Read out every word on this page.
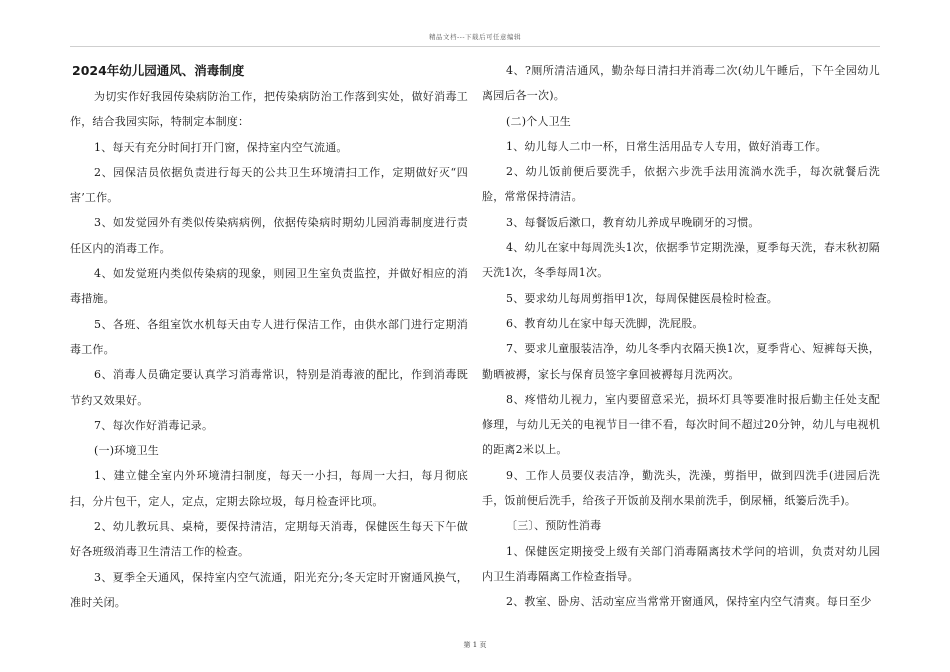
精品文档---下载后可任意编辑
2024年幼儿园通风、消毒制度

为切实作好我园传染病防治工作，把传染病防治工作落到实处，做好消毒工作，结合我园实际，特制定本制度：

1、每天有充分时间打开门窗，保持室内空气流通。

2、园保洁员依据负责进行每天的公共卫生环境清扫工作，定期做好灭“四害’工作。

3、如发觉园外有类似传染病病例，依据传染病时期幼儿园消毒制度进行责任区内的消毒工作。

4、如发觉班内类似传染病的现象，则园卫生室负责监控，并做好相应的消毒措施。

5、各班、各组室饮水机每天由专人进行保洁工作，由供水部门进行定期消毒工作。

6、消毒人员确定要认真学习消毒常识，特别是消毒液的配比，作到消毒既节约又效果好。

7、每次作好消毒记录。

(一)环境卫生

1、建立健全室内外环境清扫制度，每天一小扫，每周一大扫，每月彻底扫，分片包干，定人，定点，定期去除垃圾，每月检查评比项。

2、幼儿教玩具、桌椅，要保持清洁，定期每天消毒，保健医生每天下午做好各班级消毒卫生清洁工作的检查。

3、夏季全天通风，保持室内空气流通，阳光充分;冬天定时开窗通风换气，准时关闭。

4、?厕所清洁通风，勤杂每日清扫并消毒二次(幼儿午睡后，下午全园幼儿离园后各一次)。

(二)个人卫生

1、幼儿每人二巾一杯，日常生活用品专人专用，做好消毒工作。

2、幼儿饭前便后要洗手，依据六步洗手法用流淌水洗手，每次就餐后洗脸，常常保持清洁。

3、每餐饭后漱口，教育幼儿养成早晚刷牙的习惯。

4、幼儿在家中每周洗头1次，依据季节定期洗澡，夏季每天洗，春末秋初隔天洗1次，冬季每周1次。

5、要求幼儿每周剪指甲1次，每周保健医晨检时检查。

6、教育幼儿在家中每天洗脚，洗屁股。

7、要求儿童服装洁净，幼儿冬季内衣隔天换1次，夏季背心、短裤每天换，勤晒被褥，家长与保育员签字拿回被褥每月洗两次。

8、疼惜幼儿视力，室内要留意采光，损坏灯具等要准时报后勤主任处支配修理，与幼儿无关的电视节目一律不看，每次时间不超过20分钟，幼儿与电视机的距离2米以上。

9、工作人员要仪表洁净，勤洗头，洗澡，剪指甲，做到四洗手(进园后洗手，饭前便后洗手，给孩子开饭前及削水果前洗手，倒尿桶，纸篓后洗手)。

〔三〕、预防性消毒

1、保健医定期接受上级有关部门消毒隔离技术学问的培训，负责对幼儿园内卫生消毒隔离工作检查指导。

2、教室、卧房、活动室应当常常开窗通风，保持室内空气清爽。每日至少

第 1 页
